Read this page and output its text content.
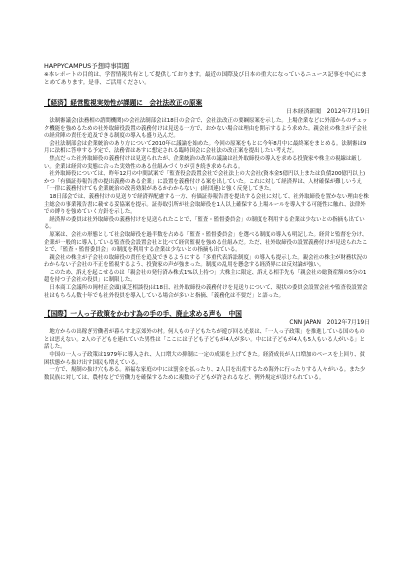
HAPPYCAMPUS予想時事問題
※本レポートの目的は、学習情報共有として提供しております。最近の国際及び日本の重大になっているニュース記事を中心にまとめてあります。是非、ご活用ください。
【経済】経営監視実効性が課題に　会社法改正の原案
日本経済新聞　2012年7月19日

法制審議会(法務相の諮問機関)の会社法制部会は18日の会合で、会社法改正の要綱原案を示した。上場企業などに外部からのチェック機能を強めるための社外取締役設置の義務付けは見送る一方で、おかない場合は理由を開示するよう求めた。親会社の株主が子会社の経営陣の責任を追及できる制度の導入も盛り込んだ。

会社法制部会は企業統治のあり方について2010年に議論を始めた。今回の原案をもとに今年8月中に最終案をまとめる。法制審は9月に法相に答申する予定で、法務省はあすに想定される臨時国会に会社法の改正案を提出したい考えだ。

焦点だった社外取締役の義務付けは見送られたが、企業統治の改革の議論は社外取締役の導入を求める投資家や株主の視線は厳しい。企業は経営の実態に合った実効性のある仕組みづくりが引き続き求められる。

社外取締役については、昨年12月の中間試案で「監査役会設置会社で会社法上の大会社(資本金5億円以上または負債200億円以上)かつ「有価証券報告書の提出義務のある企業」に設置を義務付ける案を出していた。これに対して経済界は、人材確保が難しいうえ「一律に義務付けても企業統治の改善効果があるかわからない」(経団連)と強く反発してきた。

18日部会では、義務付けの見送りで経済界配慮する一方、有価証券報告書を提出する会社に対して、社外取締役を置かない理由を株主総会の事業報告書に載せる妥協案を提示。証券取引所が社会取締役を1人以上確保する上場ルールを導入する可能性に触れ、法律外での縛りを強めていく方針を示した。

経済界の委員は社外取締役の義務付けを見送られたことで、「監査・監督委員会」の制度を利用する企業は少ないとの指摘も出ている。

原案は、会社の形態として社会取締役を過半数を占める「監査・監督委員会」を選べる制度の導入も明記した。経営と監督を分け、企業が一般的に導入している監査役会設置会社と比べて経営監視を強める仕組みだ。ただ、社外取締役の設置義務付けが見送られたことで、「監査・監督委員会」の制度を利用する企業は少ないとの指摘も出ている。

親会社の株主が子会社の取締役の責任を追及できるようにする「多重代表訴訟制度」の導入も提示した。親会社の株主が財務状況のわからない子会社の不正を監視するよう、投資家の声が強まった。制度の乱用を懸念する経済界には反対論が強い。

このため、訴えを起こせるのは「親会社の発行済み株式1%以上持つ」大株主に限定、訴える相手先も「親会社の総資産額の5分の1超を持つ子会社の役員」に制限した。

日本商工会議所の岡村正会頭(東芝相談役)は18日、社外取締役の義務付けを見送りについて、現状の委員会設置会社や監査役設置会社はもちろん数十年でも社外役員を導入している場合が多いと指摘、「義務化は不要だ」と語った。

【国際】一人っ子政策をかわす為の手の手、廃止求める声も　中国
CNN JAPAN　2012年7月19日

地方からの出稼ぎ労働者が暮らす北京郊外の村。何人もの子どもたちが遊び回る光景は、「一人っ子政策」を推進している国のものとは思えない。2人の子どもを連れていた男性は「ここには子ども子どもが4人が多い。中には子どもが4人も5人もいる人がいる」と話した。

中国の一人っ子政策は1979年に導入され、人口増大の抑制に一定の成果を上げてきた。経済成長が人口増加のペースを上回り、貧困状態から抜け出す国民も増えている。

一方で、規制の抜け穴もある。裕福な家庭の中には罰金を払ったり、2人目を出産するため海外に行ったりする人々がいる。また少数民族に対しては、農村などで労働力を確保するために複数の子どもが許されるなど、例外規定が設けられている。
